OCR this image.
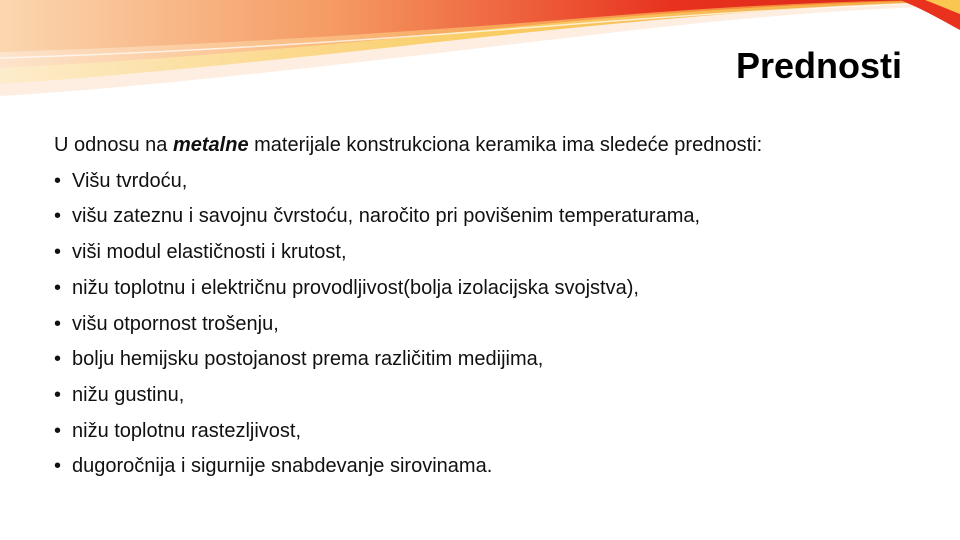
Prednosti

U odnosu na metalne materijale konstrukciona keramika ima sledeće prednosti:

• Višu tvrdoću,
• višu zateznu i savojnu čvrstoću, naročito pri povišenim temperaturama,
• viši modul elastičnosti i krutost,
• nižu toplotnu i električnu provodljivost(bolja izolacijska svojstva),
• višu otpornost trošenju,
• bolju hemijsku postojanost prema različitim medijima,
• nižu gustinu,
• nižu toplotnu rastezljivost,
• dugoročnija i sigurnije snabdevanje sirovinama.
